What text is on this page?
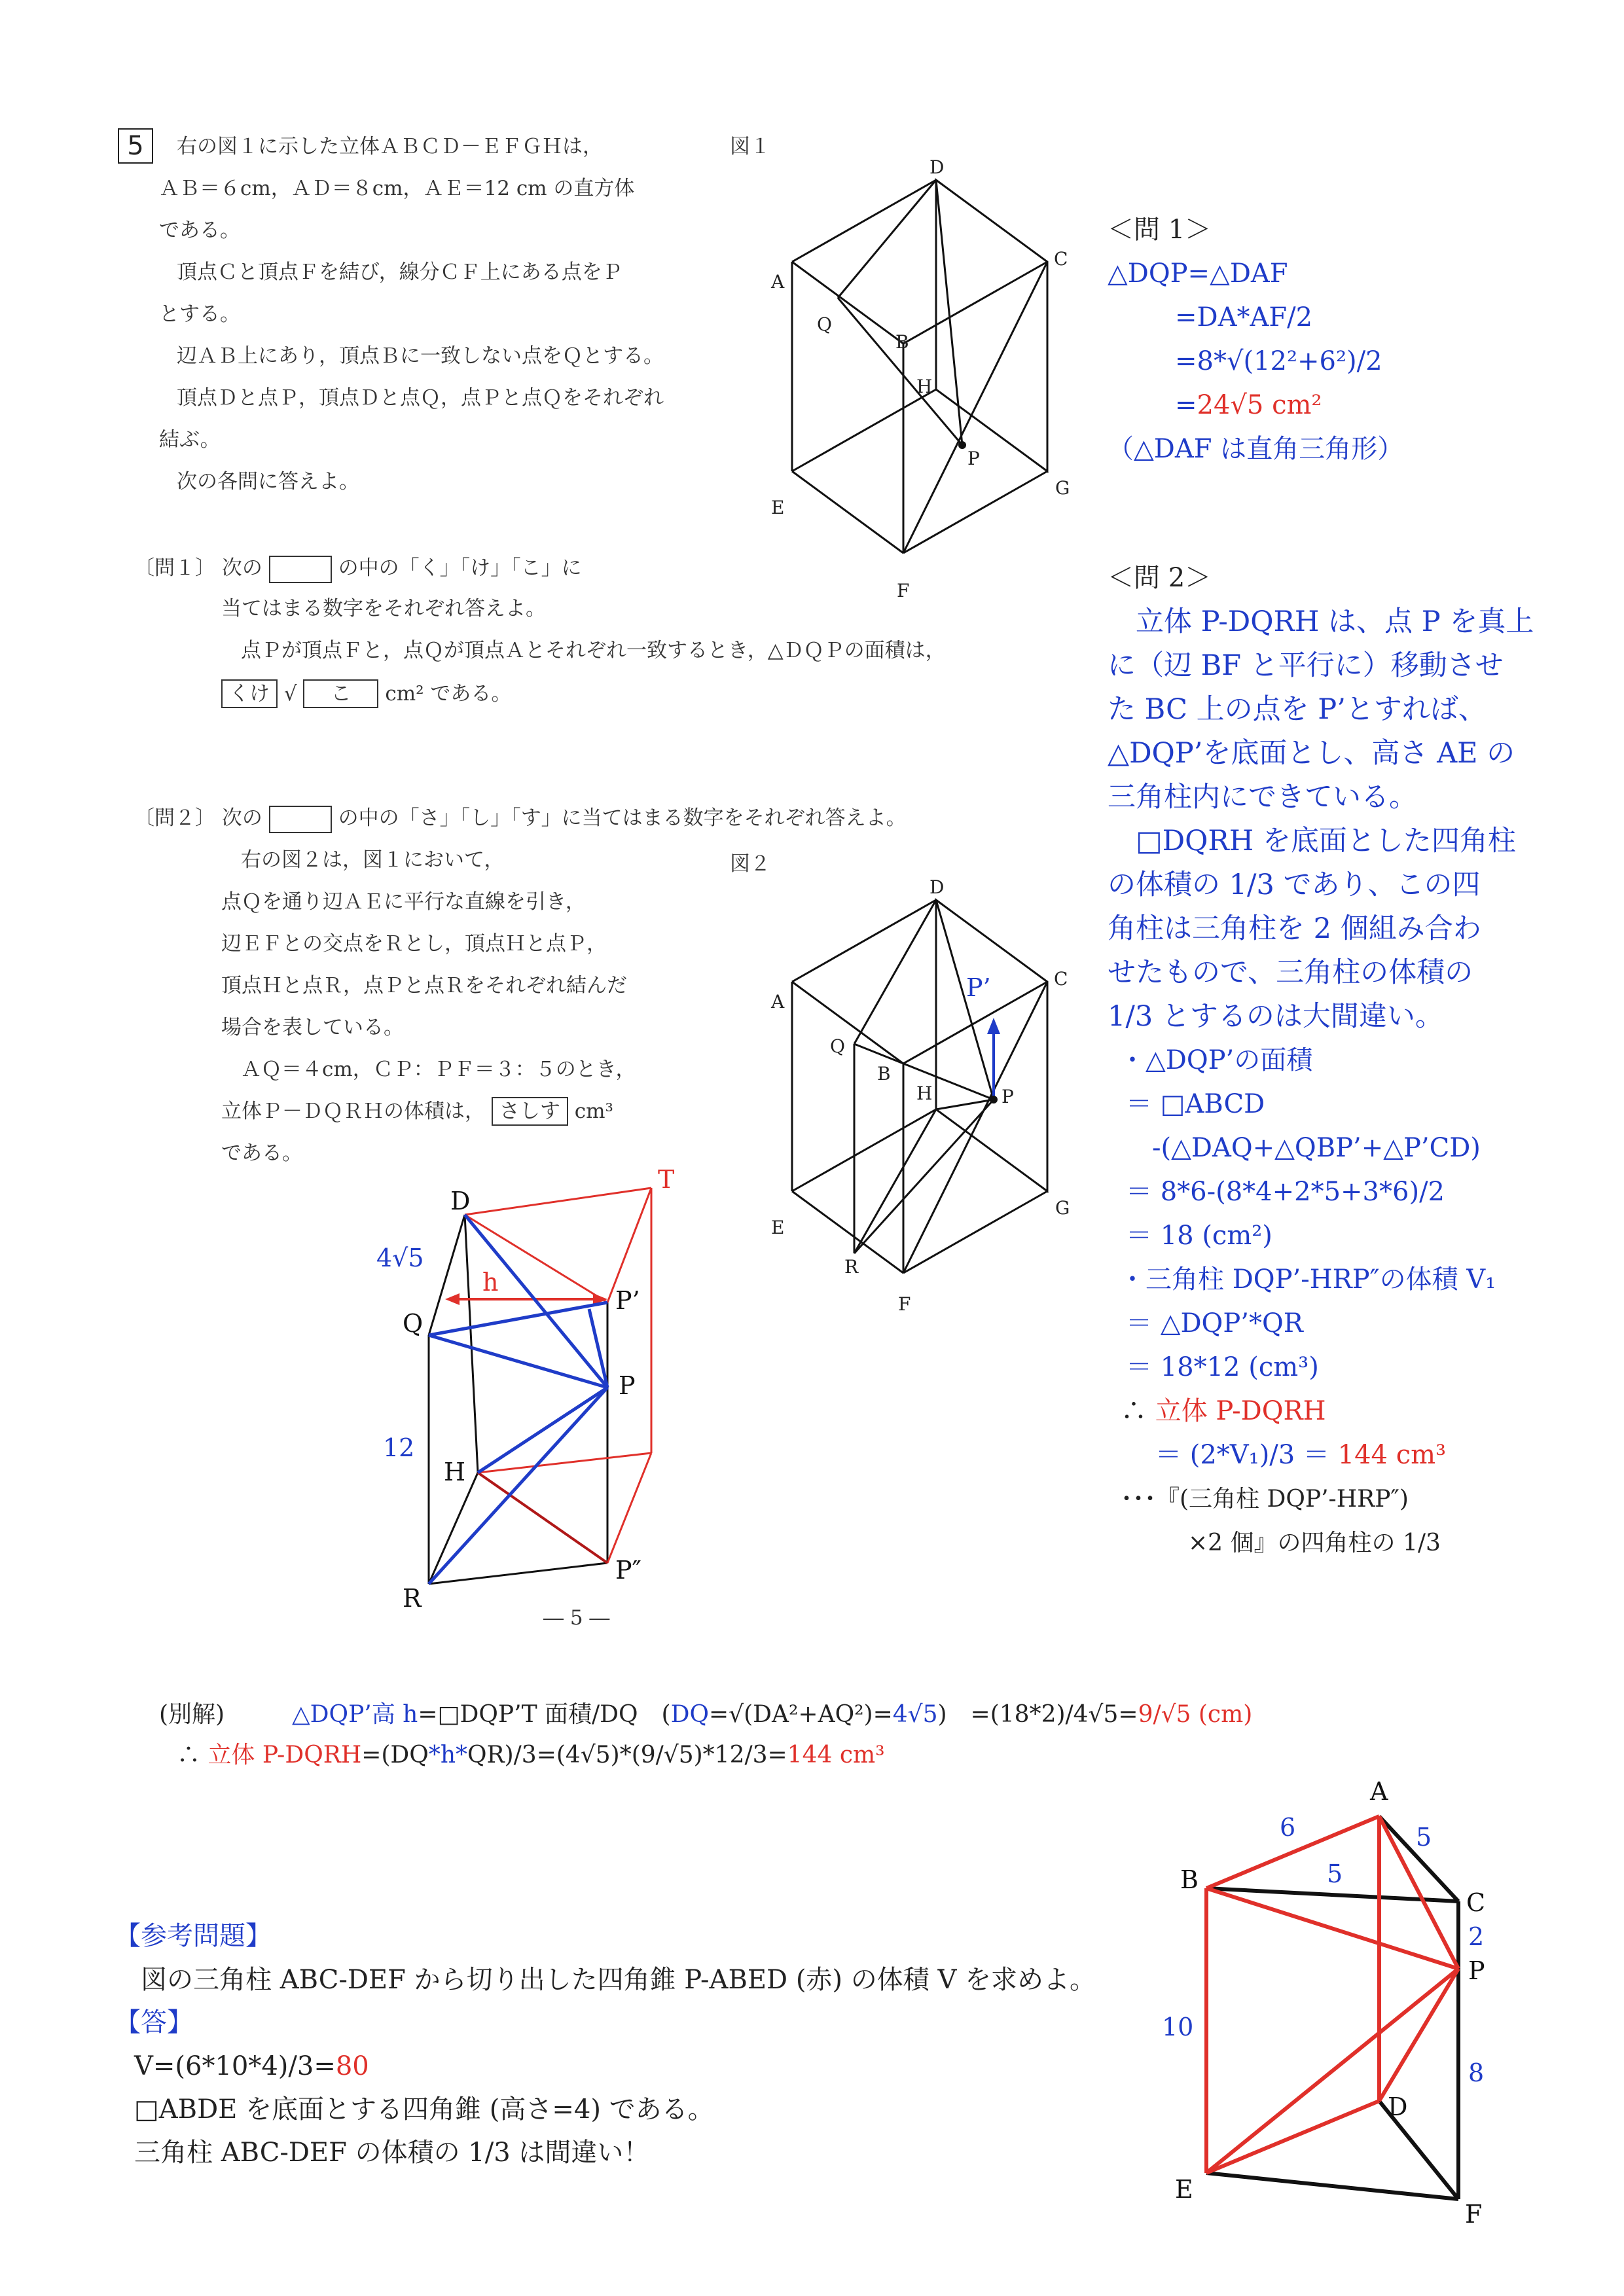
5	右の図１に示した立体ＡＢＣＤ－ＥＦＧＨは，
ＡＢ＝６cm，ＡＤ＝８cm，ＡＥ＝12 cm の直方体
である。
頂点Ｃと頂点Ｆを結び，線分ＣＦ上にある点をＰ
とする。
辺ＡＢ上にあり，頂点Ｂに一致しない点をＱとする。
頂点Ｄと点Ｐ，頂点Ｄと点Ｑ，点Ｐと点Ｑをそれぞれ
結ぶ。
次の各問に答えよ。
図１
〔問１〕 次の	の中の「く」「け」「こ」に
当てはまる数字をそれぞれ答えよ。
点Ｐが頂点Ｆと，点Ｑが頂点Ａとそれぞれ一致するとき，△ＤＱＰの面積は，
くけ √ こ cm² である。
〔問２〕 次の	の中の「さ」「し」「す」に当てはまる数字をそれぞれ答えよ。
右の図２は，図１において，
点Ｑを通り辺ＡＥに平行な直線を引き，
辺ＥＦとの交点をＲとし，頂点Ｈと点Ｐ，
頂点Ｈと点Ｒ，点Ｐと点Ｒをそれぞれ結んだ
場合を表している。
ＡＱ＝４cm，ＣＰ：ＰＦ＝３：５のとき，
立体Ｐ－ＤＱＲＨの体積は， さしす cm³
である。
図２
― 5 ―
D
A
C
Q
B
H
P
E
G
F
D
A
C
Q
B
H	P
P’
E
G
R
F
D
T
4√5
h
Q
P’
P
12
H
R
P″
＜問 1＞
△DQP=△DAF
=DA*AF/2
=8*√(12²+6²)/2
=24√5 cm²
（△DAF は直角三角形）
＜問 2＞
　立体 P-DQRH は、点 P を真上
に（辺 BF と平行に）移動させ
た BC 上の点を P’とすれば、
△DQP’を底面とし、高さ AE の
三角柱内にできている。
　□DQRH を底面とした四角柱
の体積の 1/3 であり、この四
角柱は三角柱を 2 個組み合わ
せたもので、三角柱の体積の
1/3 とするのは大間違い。
・△DQP’の面積
＝ □ABCD
　-(△DAQ+△QBP’+△P’CD)
＝ 8*6-(8*4+2*5+3*6)/2
＝ 18 (cm²)
・三角柱 DQP’-HRP″の体積 V₁
＝ △DQP’*QR
＝ 18*12 (cm³)
∴ 立体 P-DQRH
＝ (2*V₁)/3 ＝ 144 cm³
･･･『(三角柱 DQP’-HRP″)
×2 個』の四角柱の 1/3
(別解)	△DQP’高 h=□DQP’T 面積/DQ　(DQ=√(DA²+AQ²)=4√5)　=(18*2)/4√5=9/√5 (cm)
∴ 立体 P-DQRH=(DQ*h*QR)/3=(4√5)*(9/√5)*12/3=144 cm³
【参考問題】
図の三角柱 ABC-DEF から切り出した四角錐 P-ABED (赤) の体積 V を求めよ。
【答】
V=(6*10*4)/3=80
□ABDE を底面とする四角錐 (高さ=4) である。
三角柱 ABC-DEF の体積の 1/3 は間違い！
A
6	5
5
B
C
2
P
10
8
D
E
F
